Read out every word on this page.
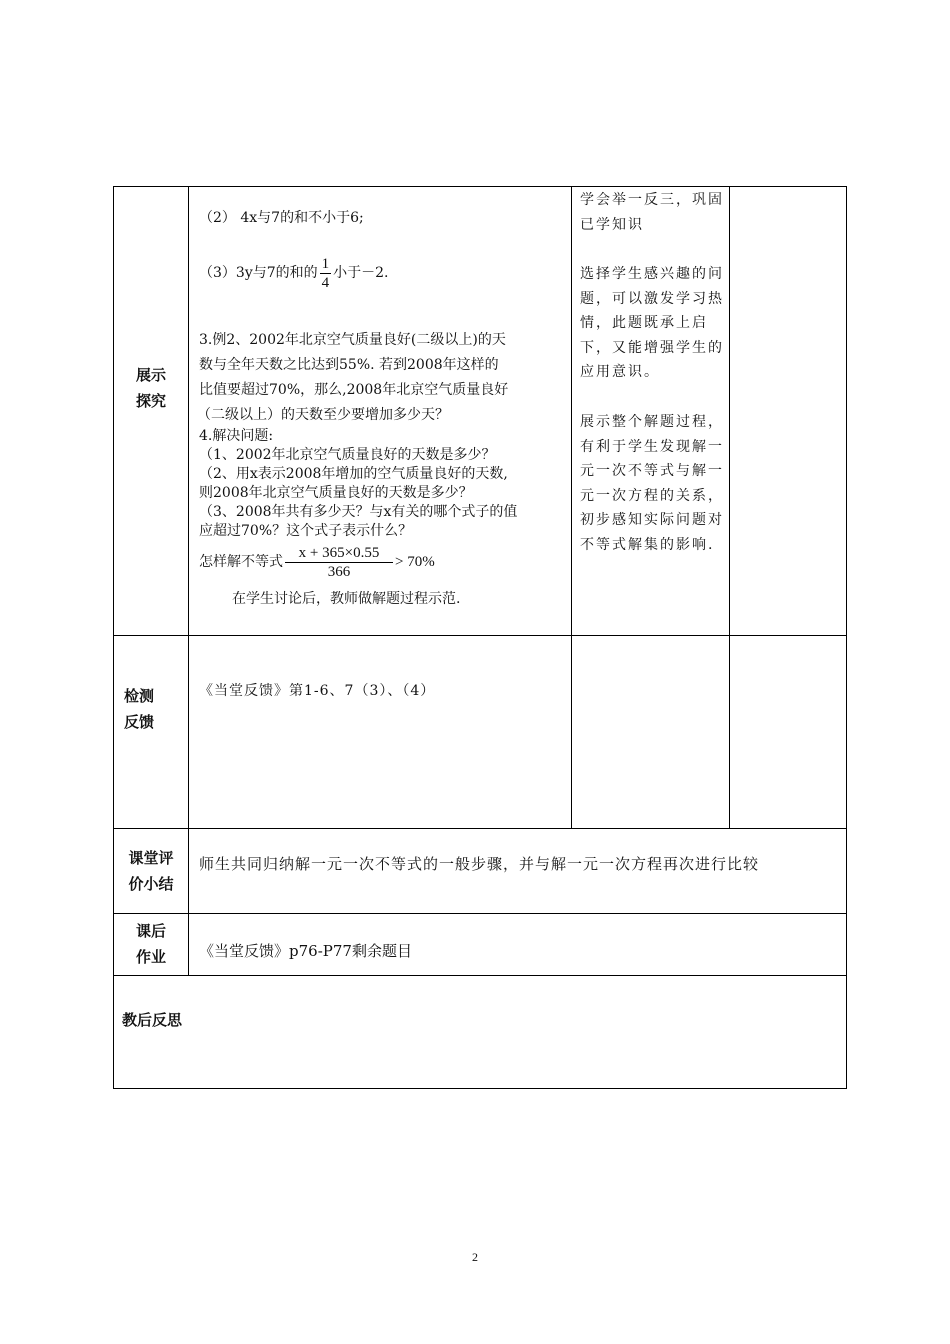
展示
探究
（2） 4x与7的和不小于6;
（3）3y与7的和的 $\frac{1}{4}$ 小于－2.
3.例2、2002年北京空气质量良好(二级以上)的天
数与全年天数之比达到55%. 若到2008年这样的
比值要超过70%，那么,2008年北京空气质量良好
（二级以上）的天数至少要增加多少天？
4.解决问题:
（1、2002年北京空气质量良好的天数是多少？
（2、用x表示2008年增加的空气质量良好的天数,
则2008年北京空气质量良好的天数是多少？
（3、2008年共有多少天？与x有关的哪个式子的值
应超过70%？这个式子表示什么？
怎样解不等式 $\frac{x + 365\times 0.55}{366} > 70\%$
在学生讨论后，教师做解题过程示范.
学会举一反三，巩固已学知识
选择学生感兴趣的问题，可以激发学习热情，此题既承上启下，又能增强学生的应用意识。
展示整个解题过程，有利于学生发现解一元一次不等式与解一元一次方程的关系，初步感知实际问题对不等式解集的影响.
检测
反馈
《当堂反馈》第1-6、7（3）、（4）
课堂评
价小结
师生共同归纳解一元一次不等式的一般步骤，并与解一元一次方程再次进行比较
课后
作业	《当堂反馈》p76-P77剩余题目
教后反思
2
